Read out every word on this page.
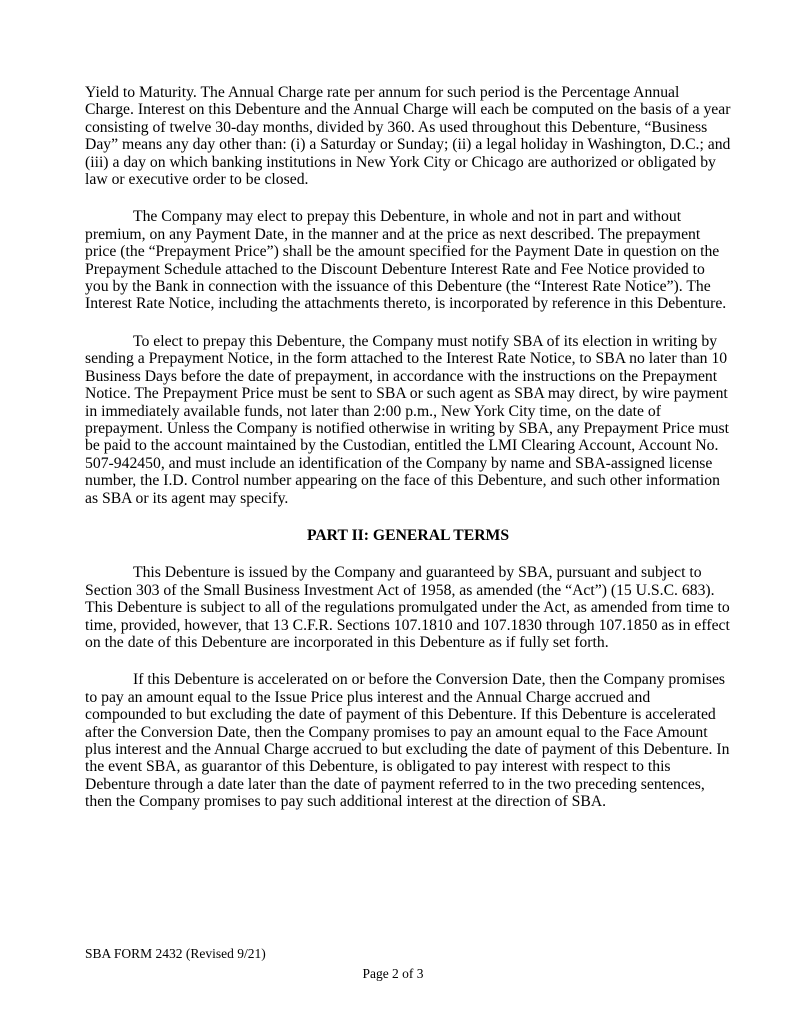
Yield to Maturity. The Annual Charge rate per annum for such period is the Percentage Annual Charge. Interest on this Debenture and the Annual Charge will each be computed on the basis of a year consisting of twelve 30-day months, divided by 360. As used throughout this Debenture, “Business Day” means any day other than: (i) a Saturday or Sunday; (ii) a legal holiday in Washington, D.C.; and (iii) a day on which banking institutions in New York City or Chicago are authorized or obligated by law or executive order to be closed.

The Company may elect to prepay this Debenture, in whole and not in part and without premium, on any Payment Date, in the manner and at the price as next described. The prepayment price (the “Prepayment Price”) shall be the amount specified for the Payment Date in question on the Prepayment Schedule attached to the Discount Debenture Interest Rate and Fee Notice provided to you by the Bank in connection with the issuance of this Debenture (the “Interest Rate Notice”). The Interest Rate Notice, including the attachments thereto, is incorporated by reference in this Debenture.

To elect to prepay this Debenture, the Company must notify SBA of its election in writing by sending a Prepayment Notice, in the form attached to the Interest Rate Notice, to SBA no later than 10 Business Days before the date of prepayment, in accordance with the instructions on the Prepayment Notice. The Prepayment Price must be sent to SBA or such agent as SBA may direct, by wire payment in immediately available funds, not later than 2:00 p.m., New York City time, on the date of prepayment. Unless the Company is notified otherwise in writing by SBA, any Prepayment Price must be paid to the account maintained by the Custodian, entitled the LMI Clearing Account, Account No. 507-942450, and must include an identification of the Company by name and SBA-assigned license number, the I.D. Control number appearing on the face of this Debenture, and such other information as SBA or its agent may specify.

PART II: GENERAL TERMS

This Debenture is issued by the Company and guaranteed by SBA, pursuant and subject to Section 303 of the Small Business Investment Act of 1958, as amended (the “Act”) (15 U.S.C. 683). This Debenture is subject to all of the regulations promulgated under the Act, as amended from time to time, provided, however, that 13 C.F.R. Sections 107.1810 and 107.1830 through 107.1850 as in effect on the date of this Debenture are incorporated in this Debenture as if fully set forth.

If this Debenture is accelerated on or before the Conversion Date, then the Company promises to pay an amount equal to the Issue Price plus interest and the Annual Charge accrued and compounded to but excluding the date of payment of this Debenture. If this Debenture is accelerated after the Conversion Date, then the Company promises to pay an amount equal to the Face Amount plus interest and the Annual Charge accrued to but excluding the date of payment of this Debenture. In the event SBA, as guarantor of this Debenture, is obligated to pay interest with respect to this Debenture through a date later than the date of payment referred to in the two preceding sentences, then the Company promises to pay such additional interest at the direction of SBA.

SBA FORM 2432 (Revised 9/21)
Page 2 of 3
